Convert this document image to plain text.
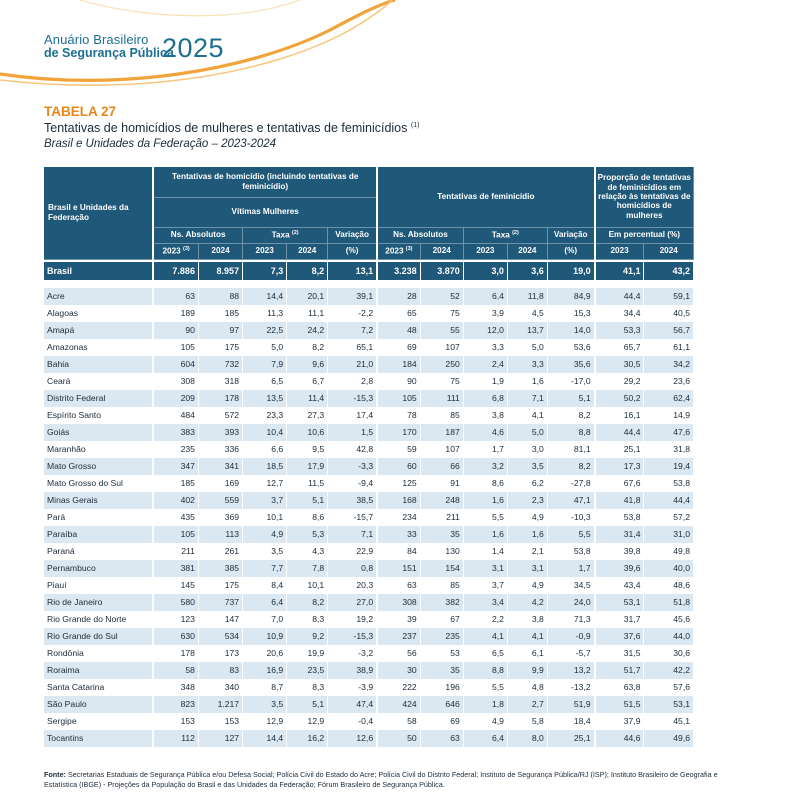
Anuário Brasileiro
de Segurança Pública
2025
TABELA 27
Tentativas de homicídios de mulheres e tentativas de feminicídios $^{(1)}$
Brasil e Unidades da Federação – 2023-2024
Brasil e Unidades da Federação	Tentativas de homicídio (incluindo tentativas de feminicídio)					Tentativas de feminicídio					Proporção de tentativas de feminicídios em relação às tentativas de homicídios de mulheres	
	Vítimas Mulheres											
	Ns. Absolutos		Taxa $^{(2)}$		Variação	Ns. Absolutos		Taxa $^{(2)}$		Variação	Em percentual (%)	
	2023 $^{(3)}$	2024	2023	2024	(%)	2023 $^{(3)}$	2024	2023	2024	(%)	2023	2024

Brasil	7.886	8.957	7,3	8,2	13,1	3.238	3.870	3,0	3,6	19,0	41,1	43,2

Acre	63	88	14,4	20,1	39,1	28	52	6,4	11,8	84,9	44,4	59,1
Alagoas	189	185	11,3	11,1	-2,2	65	75	3,9	4,5	15,3	34,4	40,5
Amapá	90	97	22,5	24,2	7,2	48	55	12,0	13,7	14,0	53,3	56,7
Amazonas	105	175	5,0	8,2	65,1	69	107	3,3	5,0	53,6	65,7	61,1
Bahia	604	732	7,9	9,6	21,0	184	250	2,4	3,3	35,6	30,5	34,2
Ceará	308	318	6,5	6,7	2,8	90	75	1,9	1,6	-17,0	29,2	23,6
Distrito Federal	209	178	13,5	11,4	-15,3	105	111	6,8	7,1	5,1	50,2	62,4
Espírito Santo	484	572	23,3	27,3	17,4	78	85	3,8	4,1	8,2	16,1	14,9
Goiás	383	393	10,4	10,6	1,5	170	187	4,6	5,0	8,8	44,4	47,6
Maranhão	235	336	6,6	9,5	42,8	59	107	1,7	3,0	81,1	25,1	31,8
Mato Grosso	347	341	18,5	17,9	-3,3	60	66	3,2	3,5	8,2	17,3	19,4
Mato Grosso do Sul	185	169	12,7	11,5	-9,4	125	91	8,6	6,2	-27,8	67,6	53,8
Minas Gerais	402	559	3,7	5,1	38,5	168	248	1,6	2,3	47,1	41,8	44,4
Pará	435	369	10,1	8,6	-15,7	234	211	5,5	4,9	-10,3	53,8	57,2
Paraíba	105	113	4,9	5,3	7,1	33	35	1,6	1,6	5,5	31,4	31,0
Paraná	211	261	3,5	4,3	22,9	84	130	1,4	2,1	53,8	39,8	49,8
Pernambuco	381	385	7,7	7,8	0,8	151	154	3,1	3,1	1,7	39,6	40,0
Piauí	145	175	8,4	10,1	20,3	63	85	3,7	4,9	34,5	43,4	48,6
Rio de Janeiro	580	737	6,4	8,2	27,0	308	382	3,4	4,2	24,0	53,1	51,8
Rio Grande do Norte	123	147	7,0	8,3	19,2	39	67	2,2	3,8	71,3	31,7	45,6
Rio Grande do Sul	630	534	10,9	9,2	-15,3	237	235	4,1	4,1	-0,9	37,6	44,0
Rondônia	178	173	20,6	19,9	-3,2	56	53	6,5	6,1	-5,7	31,5	30,6
Roraima	58	83	16,9	23,5	38,9	30	35	8,8	9,9	13,2	51,7	42,2
Santa Catarina	348	340	8,7	8,3	-3,9	222	196	5,5	4,8	-13,2	63,8	57,6
São Paulo	823	1.217	3,5	5,1	47,4	424	646	1,8	2,7	51,9	51,5	53,1
Sergipe	153	153	12,9	12,9	-0,4	58	69	4,9	5,8	18,4	37,9	45,1
Tocantins	112	127	14,4	16,2	12,6	50	63	6,4	8,0	25,1	44,6	49,6
Fonte: Secretarias Estaduais de Segurança Pública e/ou Defesa Social; Polícia Civil do Estado do Acre; Polícia Civil do Distrito Federal; Instituto de Segurança Pública/RJ (ISP); Instituto Brasileiro de Geografia e Estatística (IBGE) - Projeções da População do Brasil e das Unidades da Federação; Fórum Brasileiro de Segurança Pública.
